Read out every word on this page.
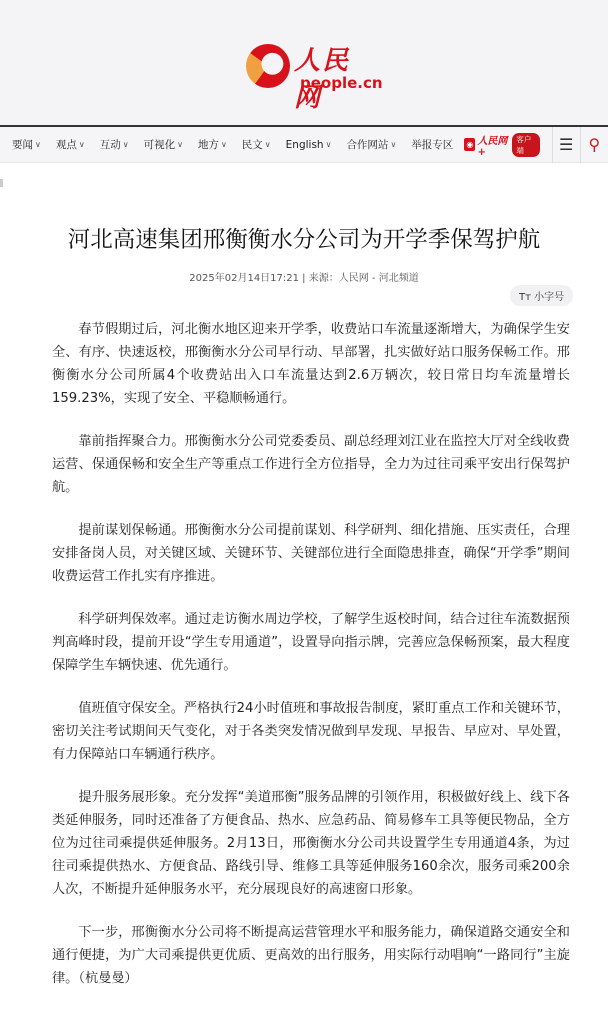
人民网
people.cn
要闻 ∨ 观点 ∨ 互动 ∨ 可视化 ∨ 地方 ∨ 民文 ∨ English ∨ 合作网站 ∨ 举报专区 ◉ 人民网+
客户端	☰ ⚲
河北高速集团邢衡衡水分公司为开学季保驾护航
2025年02月14日17:21 | 来源：人民网 - 河北频道
Tт 小字号

春节假期过后，河北衡水地区迎来开学季，收费站口车流量逐渐增大，为确保学生安全、有序、快速返校，邢衡衡水分公司早行动、早部署，扎实做好站口服务保畅工作。邢衡衡水分公司所属4个收费站出入口车流量达到2.6万辆次，较日常日均车流量增长159.23%，实现了安全、平稳顺畅通行。

靠前指挥聚合力。邢衡衡水分公司党委委员、副总经理刘江业在监控大厅对全线收费运营、保通保畅和安全生产等重点工作进行全方位指导，全力为过往司乘平安出行保驾护航。

提前谋划保畅通。邢衡衡水分公司提前谋划、科学研判、细化措施、压实责任，合理安排备岗人员，对关键区域、关键环节、关键部位进行全面隐患排查，确保“开学季”期间收费运营工作扎实有序推进。

科学研判保效率。通过走访衡水周边学校，了解学生返校时间，结合过往车流数据预判高峰时段，提前开设“学生专用通道”，设置导向指示牌，完善应急保畅预案，最大程度保障学生车辆快速、优先通行。

值班值守保安全。严格执行24小时值班和事故报告制度，紧盯重点工作和关键环节，密切关注考试期间天气变化，对于各类突发情况做到早发现、早报告、早应对、早处置，有力保障站口车辆通行秩序。

提升服务展形象。充分发挥“美道邢衡”服务品牌的引领作用，积极做好线上、线下各类延伸服务，同时还准备了方便食品、热水、应急药品、简易修车工具等便民物品，全方位为过往司乘提供延伸服务。2月13日，邢衡衡水分公司共设置学生专用通道4条，为过往司乘提供热水、方便食品、路线引导、维修工具等延伸服务160余次，服务司乘200余人次，不断提升延伸服务水平，充分展现良好的高速窗口形象。

下一步，邢衡衡水分公司将不断提高运营管理水平和服务能力，确保道路交通安全和通行便捷，为广大司乘提供更优质、更高效的出行服务，用实际行动唱响“一路同行”主旋律。（杭曼曼）
